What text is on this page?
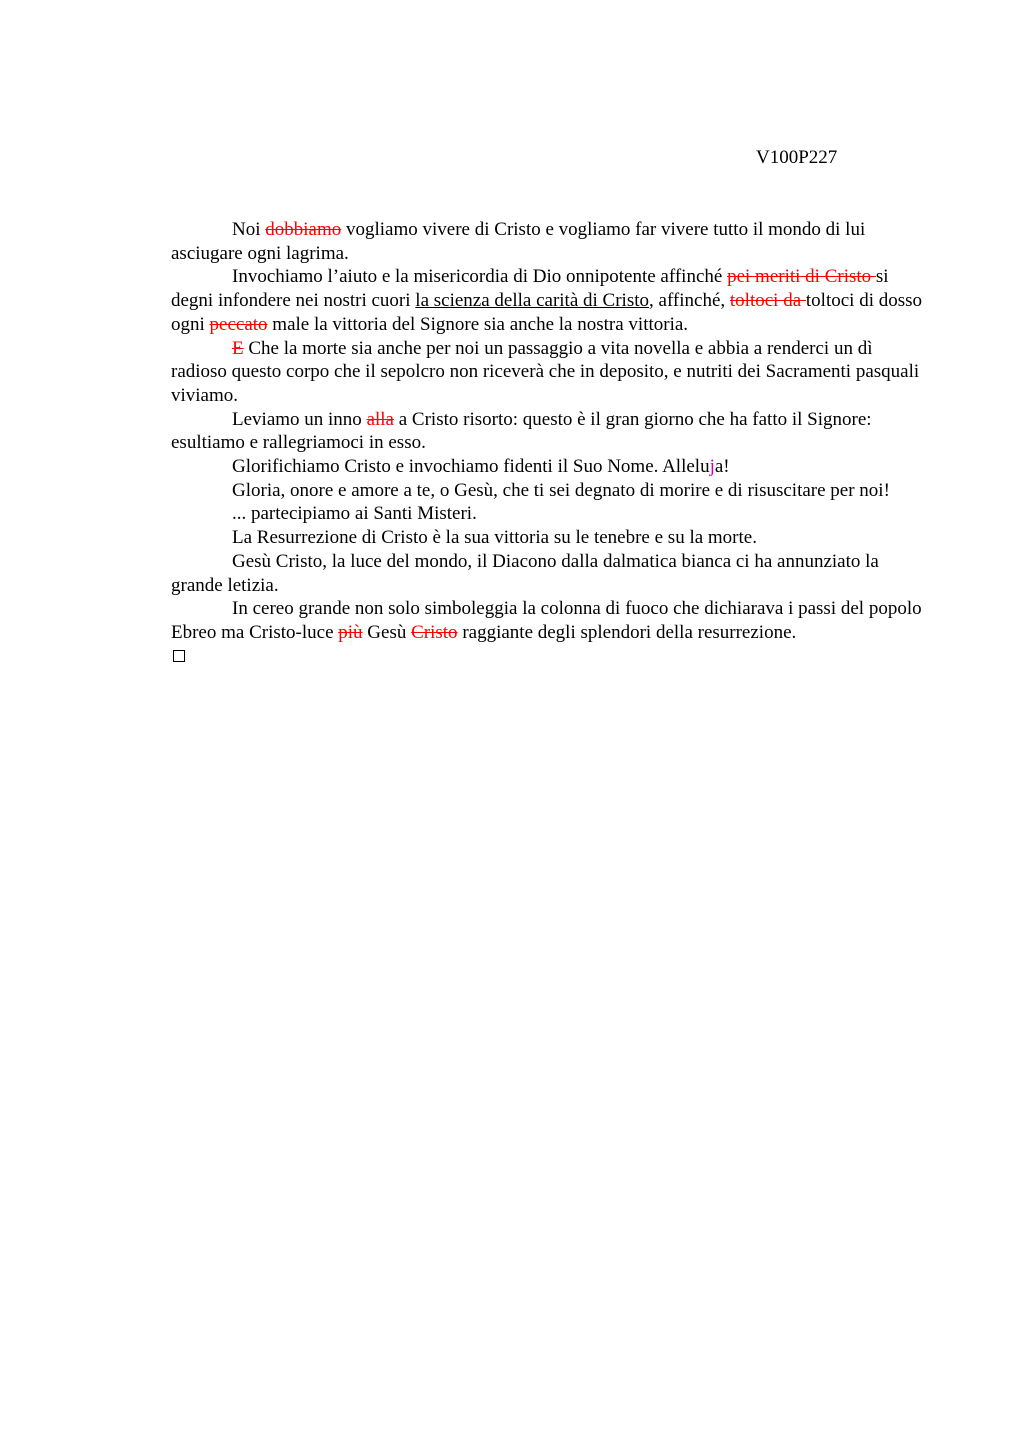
V100P227

Noi dobbiamo vogliamo vivere di Cristo e vogliamo far vivere tutto il mondo di lui asciugare ogni lagrima.

Invochiamo l’aiuto e la misericordia di Dio onnipotente affinché pei meriti di Cristo si degni infondere nei nostri cuori la scienza della carità di Cristo, affinché, toltoci da toltoci di dosso ogni peccato male la vittoria del Signore sia anche la nostra vittoria.

E Che la morte sia anche per noi un passaggio a vita novella e abbia a renderci un dì radioso questo corpo che il sepolcro non riceverà che in deposito, e nutriti dei Sacramenti pasquali viviamo.

Leviamo un inno alla a Cristo risorto: questo è il gran giorno che ha fatto il Signore: esultiamo e rallegriamoci in esso.

Glorifichiamo Cristo e invochiamo fidenti il Suo Nome. Alleluja!

Gloria, onore e amore a te, o Gesù, che ti sei degnato di morire e di risuscitare per noi!

... partecipiamo ai Santi Misteri.

La Resurrezione di Cristo è la sua vittoria su le tenebre e su la morte.

Gesù Cristo, la luce del mondo, il Diacono dalla dalmatica bianca ci ha annunziato la grande letizia.

In cereo grande non solo simboleggia la colonna di fuoco che dichiarava i passi del popolo Ebreo ma Cristo-luce più Gesù Cristo raggiante degli splendori della resurrezione.
